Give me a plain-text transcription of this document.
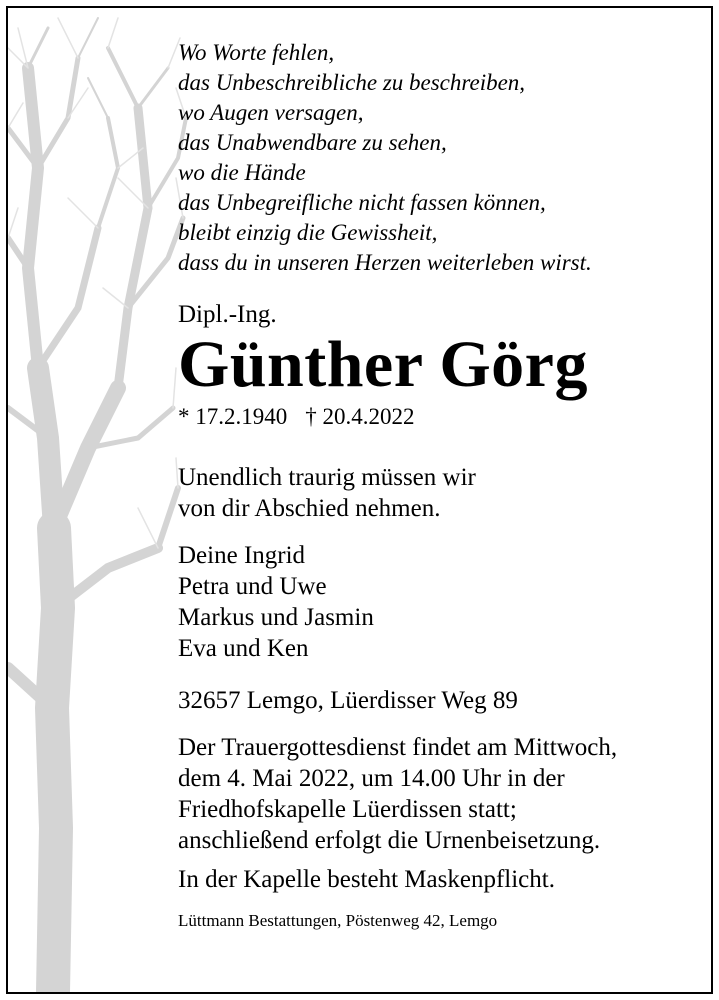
Wo Worte fehlen,
das Unbeschreibliche zu beschreiben,
wo Augen versagen,
das Unabwendbare zu sehen,
wo die Hände
das Unbegreifliche nicht fassen können,
bleibt einzig die Gewissheit,
dass du in unseren Herzen weiterleben wirst.
Dipl.-Ing.
Günther Görg
* 17.2.1940 † 20.4.2022
Unendlich traurig müssen wir
von dir Abschied nehmen.
Deine Ingrid
Petra und Uwe
Markus und Jasmin
Eva und Ken
32657 Lemgo, Lüerdisser Weg 89
Der Trauergottesdienst findet am Mittwoch,
dem 4. Mai 2022, um 14.00 Uhr in der
Friedhofskapelle Lüerdissen statt;
anschließend erfolgt die Urnenbeisetzung.
In der Kapelle besteht Maskenpflicht.
Lüttmann Bestattungen, Pöstenweg 42, Lemgo
